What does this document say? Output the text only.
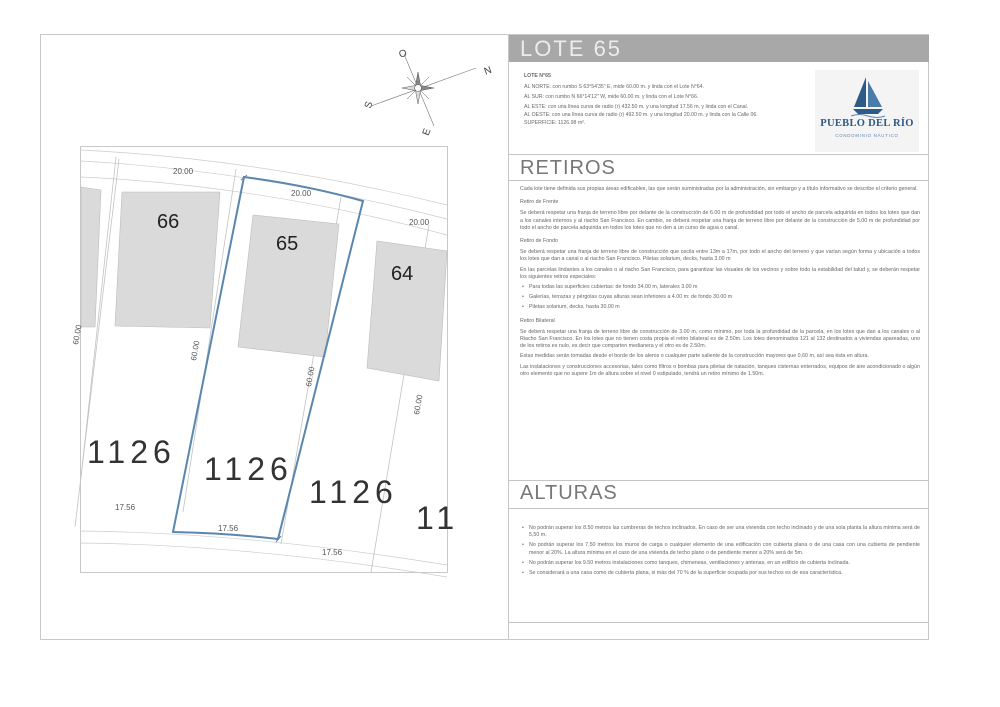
O
N
S
E
66
65
64
20.00
20.00
20.00
60.00
60.00
60.00
60.00
1126 1126
1126
11
17.56
17.56
17.56
LOTE 65

LOTE N°65

AL NORTE: con rumbo S 63°54'35" E, mide 60.00 m. y linda con el Lote N°64.

AL SUR: con rumbo N 66°14'12" W, mide 60.00 m. y linda con el Lote N°66.

AL ESTE: con una línea curva de radio (r) 432.50 m. y una longitud 17.56 m. y linda con el Canal.

AL OESTE: con una línea curva de radio (r) 492.50 m. y una longitud 20.00 m. y linda con la Calle 06.

SUPERFICIE: 1126.98 m².	PUEBLO DEL RÍO
CONDOMINIO NÁUTICO
RETIROS

Cada lote tiene definida sus propias áreas edificables, las que serán suministradas por la administración, sin embargo y a título informativo se describe el criterio general.

Retiro de Frente

Se deberá respetar una franja de terreno libre por delante de la construcción de 6.00 m de profundidad por todo el ancho de parcela adquirida en todos los lotes que dan a los canales internos y al riacho San Francisco. En cambio, se deberá respetar una franja de terreno libre por delante de la construcción de 5.00 m de profundidad por todo el ancho de parcela adquirida en todos los lotes que no den a un curso de agua o canal.

Retiro de Fondo

Se deberá respetar una franja de terreno libre de construcción que oscila entre 13m a 17m, por todo el ancho del terreno y que varían según forma y ubicación a todos los lotes que dan a canal o al riacho San Francisco. Piletas solarium, decks, hasta 3.00 m

En las parcelas lindantes a los canales o al riacho San Francisco, para garantizar las visuales de los vecinos y sobre todo la estabilidad del talud y, se deberán respetar los siguientes retiros especiales:

• Para todas las superficies cubiertas: de fondo 34.00 m, laterales 3.00 m
• Galerías, terrazas y pérgolas cuyas alturas sean inferiores a 4.00 m: de fondo 30.00 m
• Piletas solarium, decks, hasta 30.00 m

Retiro Bilateral

Se deberá respetar una franja de terreno libre de construcción de 3.00 m, como mínimo, por toda la profundidad de la parcela, en los lotes que dan a los canales o al Riacho San Francisco. En los lotes que no tienen costa propia el retiro bilateral es de 2.50m. Los lotes denominados 121 al 132 destinados a viviendas apareadas, uno de los retiros es nulo, es decir que comparten medianera y el otro es de 2.50m.

Estas medidas serán tomadas desde el borde de los aleros o cualquier parte saliente de la construcción mayores que 0,60 m, así sea ésta en altura.

Las instalaciones y construcciones accesorias, tales como filtros o bombas para piletas de natación, tanques cisternas enterrados, equipos de aire acondicionado o algún otro elemento que no supere 1m de altura sobre el nivel 0 estipulado, tendrá un retiro mínimo de 1.50m.

ALTURAS
• No podrán superar los 8.50 metros las cumbreras de techos inclinados. En caso de ser una vivienda con techo inclinado y de una sola planta la altura mínima será de 5,50 m.
• No podrán superar los 7,50 metros los muros de carga o cualquier elemento de una edificación con cubierta plana o de una casa con una cubierta de pendiente menor al 20%. La altura mínima en el caso de una vivienda de techo plano o de pendiente menor a 20% será de 5m.
• No podrán superar los 9.50 metros instalaciones como tanques, chimeneas, ventilaciones y antenas, en un edificio de cubierta inclinada.
• Se considerará a una casa como de cubierta plana, si más del 70 % de la superficie ocupada por sus techos es de esa característica.
